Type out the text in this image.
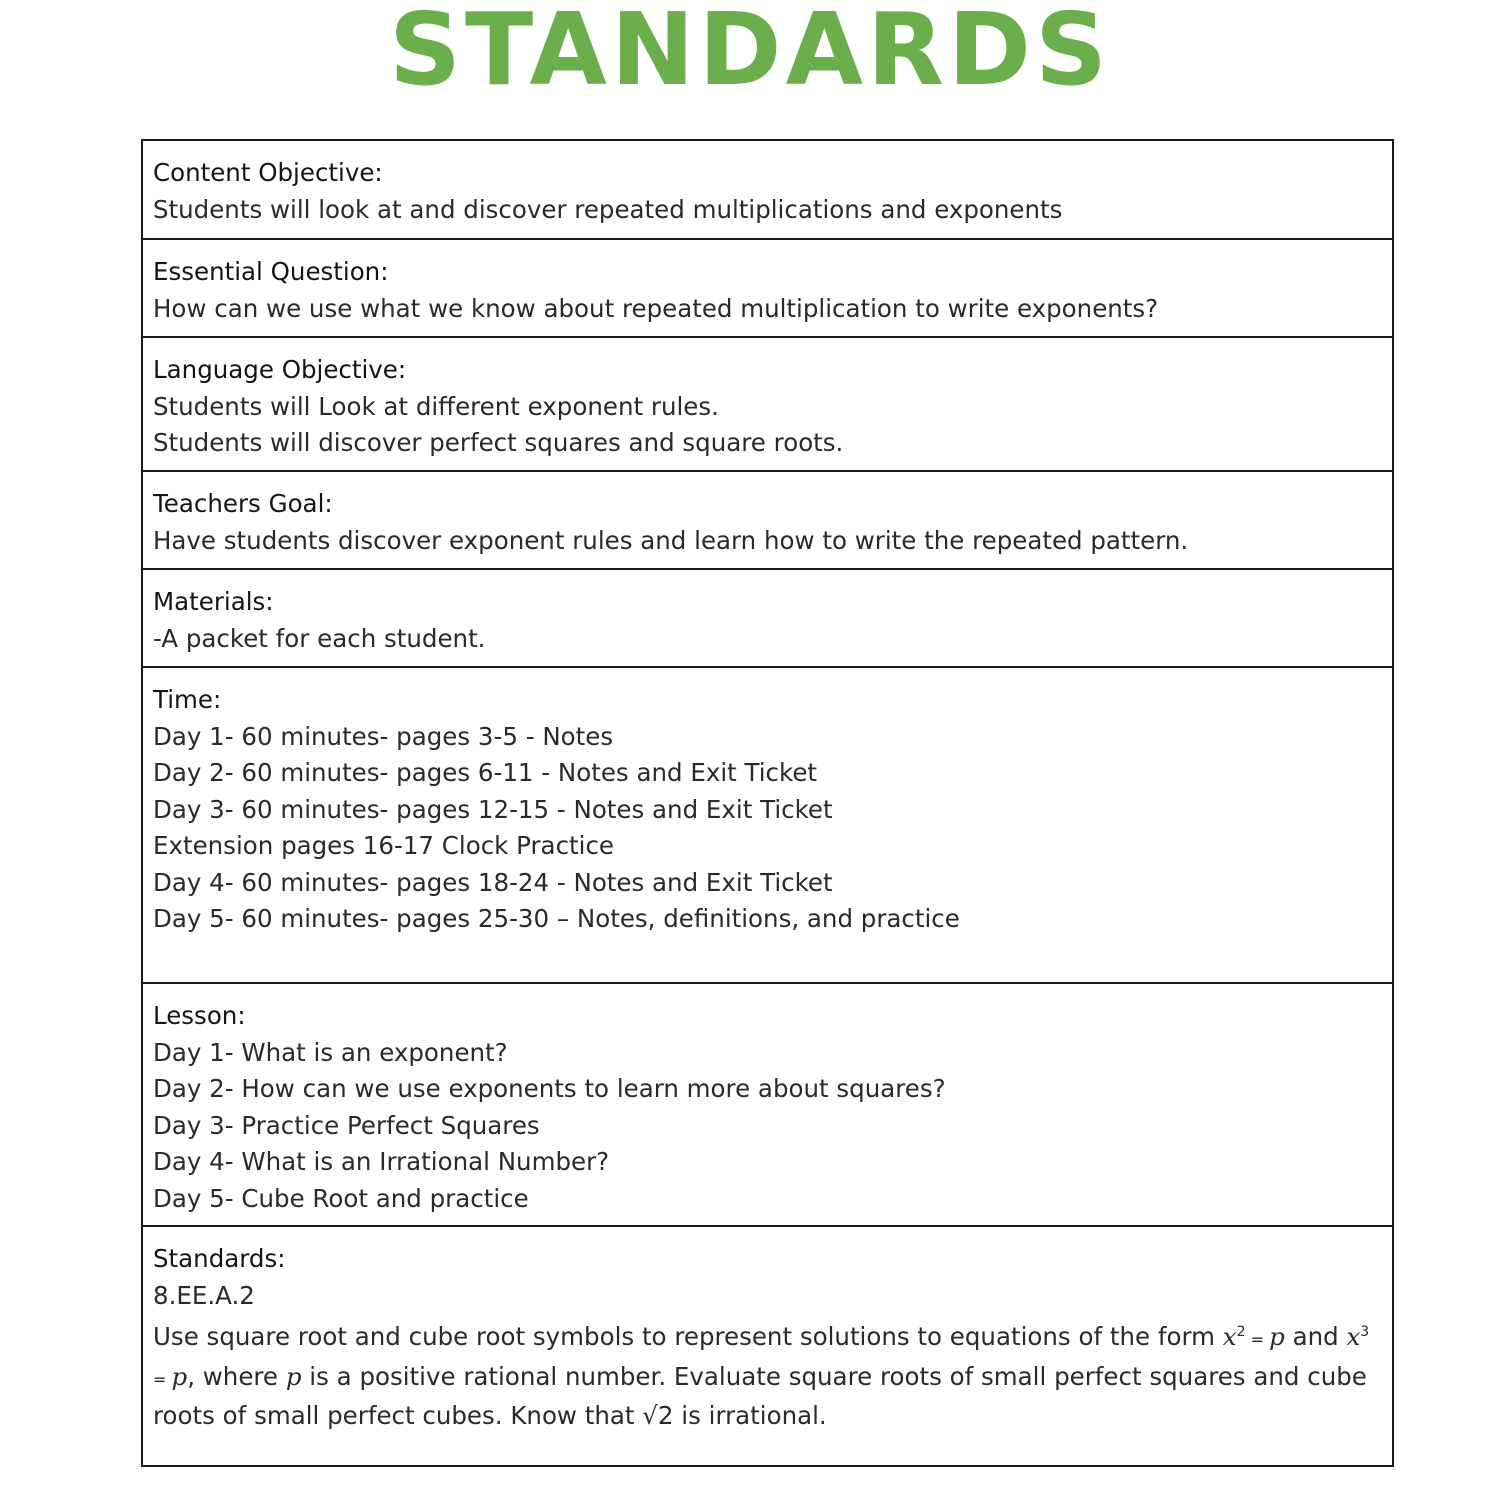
STANDARDS
Content Objective:
Students will look at and discover repeated multiplications and exponents
Essential Question:
How can we use what we know about repeated multiplication to write exponents?
Language Objective:
Students will Look at different exponent rules.
Students will discover perfect squares and square roots.
Teachers Goal:
Have students discover exponent rules and learn how to write the repeated pattern.
Materials:
-A packet for each student.
Time:
Day 1- 60 minutes- pages 3-5 - Notes
Day 2- 60 minutes- pages 6-11 - Notes and Exit Ticket
Day 3- 60 minutes- pages 12-15 - Notes and Exit Ticket
Extension pages 16-17 Clock Practice
Day 4- 60 minutes- pages 18-24 - Notes and Exit Ticket
Day 5- 60 minutes- pages 25-30 – Notes, definitions, and practice
Lesson:
Day 1- What is an exponent?
Day 2- How can we use exponents to learn more about squares?
Day 3- Practice Perfect Squares
Day 4- What is an Irrational Number?
Day 5- Cube Root and practice
Standards:
8.EE.A.2
Use square root and cube root symbols to represent solutions to equations of the form $x^2 = p$ and $x^3 = p$, where p is a positive rational number. Evaluate square roots of small perfect squares and cube roots of small perfect cubes. Know that √2 is irrational.
